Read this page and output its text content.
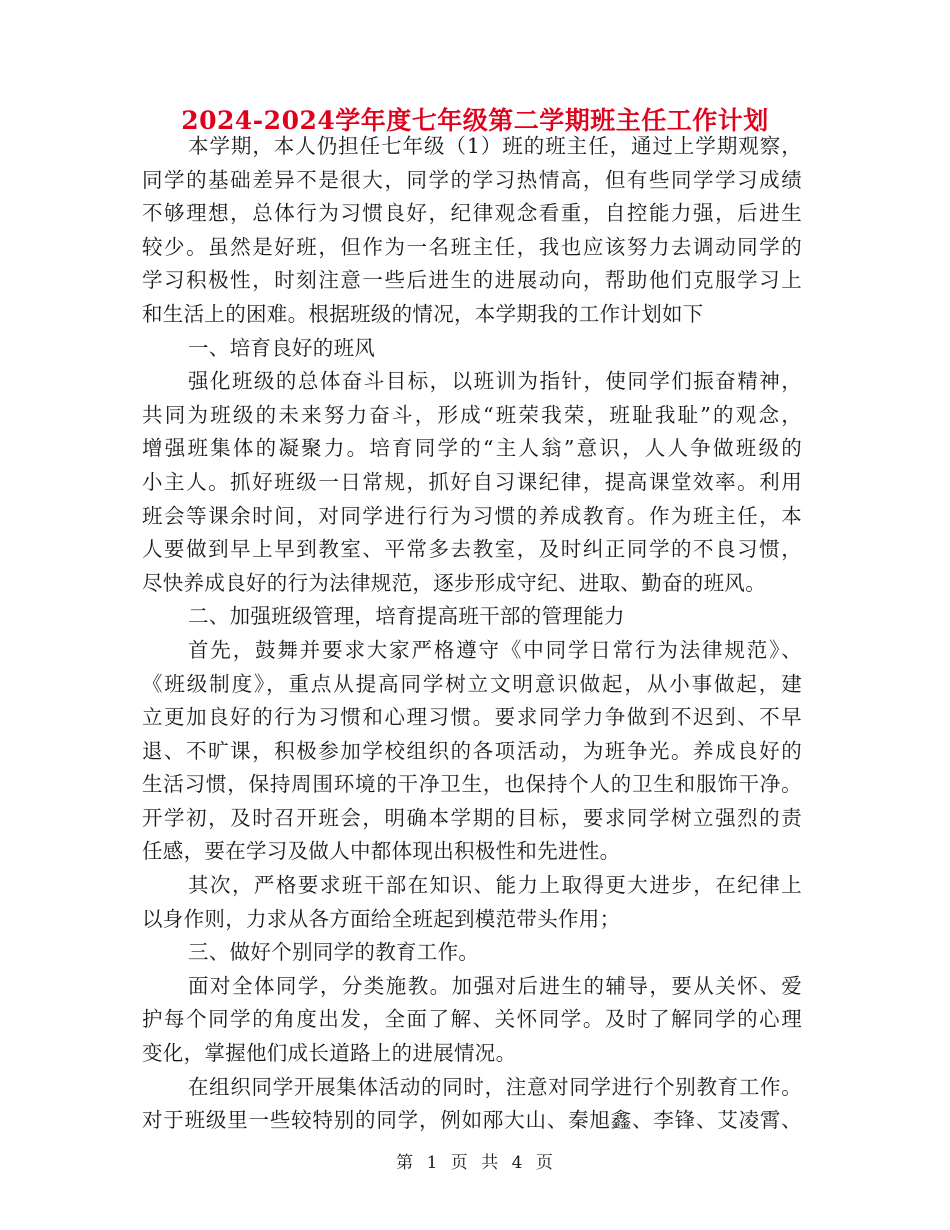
2024-2024学年度七年级第二学期班主任工作计划
本学期，本人仍担任七年级（1）班的班主任，通过上学期观察，
同学的基础差异不是很大，同学的学习热情高，但有些同学学习成绩
不够理想，总体行为习惯良好，纪律观念看重，自控能力强，后进生
较少。虽然是好班，但作为一名班主任，我也应该努力去调动同学的
学习积极性，时刻注意一些后进生的进展动向，帮助他们克服学习上
和生活上的困难。根据班级的情况，本学期我的工作计划如下
一、培育良好的班风
强化班级的总体奋斗目标，以班训为指针，使同学们振奋精神，
共同为班级的未来努力奋斗，形成“班荣我荣，班耻我耻”的观念，
增强班集体的凝聚力。培育同学的“主人翁”意识，人人争做班级的
小主人。抓好班级一日常规，抓好自习课纪律，提高课堂效率。利用
班会等课余时间，对同学进行行为习惯的养成教育。作为班主任，本
人要做到早上早到教室、平常多去教室，及时纠正同学的不良习惯，
尽快养成良好的行为法律规范，逐步形成守纪、进取、勤奋的班风。
二、加强班级管理，培育提高班干部的管理能力
首先，鼓舞并要求大家严格遵守《中同学日常行为法律规范》、
《班级制度》，重点从提高同学树立文明意识做起，从小事做起，建
立更加良好的行为习惯和心理习惯。要求同学力争做到不迟到、不早
退、不旷课，积极参加学校组织的各项活动，为班争光。养成良好的
生活习惯，保持周围环境的干净卫生，也保持个人的卫生和服饰干净。
开学初，及时召开班会，明确本学期的目标，要求同学树立强烈的责
任感，要在学习及做人中都体现出积极性和先进性。
其次，严格要求班干部在知识、能力上取得更大进步，在纪律上
以身作则，力求从各方面给全班起到模范带头作用；
三、做好个别同学的教育工作。
面对全体同学，分类施教。加强对后进生的辅导，要从关怀、爱
护每个同学的角度出发，全面了解、关怀同学。及时了解同学的心理
变化，掌握他们成长道路上的进展情况。
在组织同学开展集体活动的同时，注意对同学进行个别教育工作。
对于班级里一些较特别的同学，例如邴大山、秦旭鑫、李锋、艾凌霄、
第 1 页 共 4 页
